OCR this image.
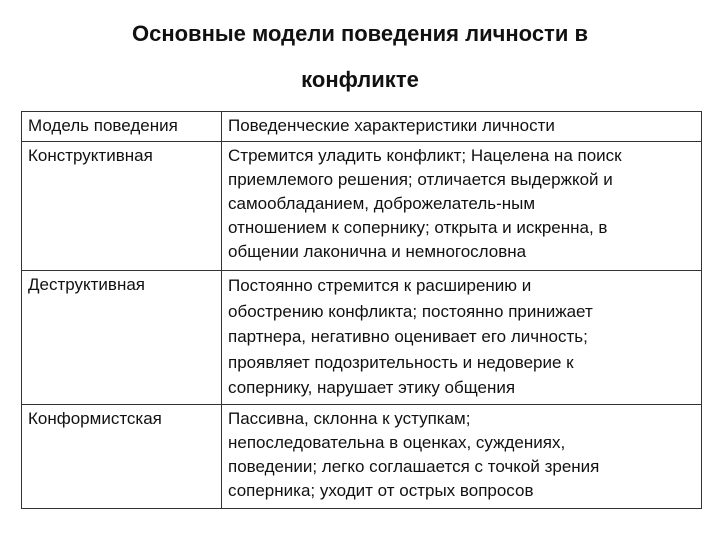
Основные модели поведения личности в
конфликте
Модель поведения	Поведенческие характеристики личности

Конструктивная	Стремится уладить конфликт; Нацелена на поиск
приемлемого решения; отличается выдержкой и
самообладанием, доброжелатель-ным
отношением к сопернику; открыта и искренна, в
общении лаконична и немногословна

Деструктивная	Постоянно стремится к расширению и
обострению конфликта; постоянно принижает
партнера, негативно оценивает его личность;
проявляет подозрительность и недоверие к
сопернику, нарушает этику общения

Конформистская	Пассивна, склонна к уступкам;
непоследовательна в оценках, суждениях,
поведении; легко соглашается с точкой зрения
соперника; уходит от острых вопросов
